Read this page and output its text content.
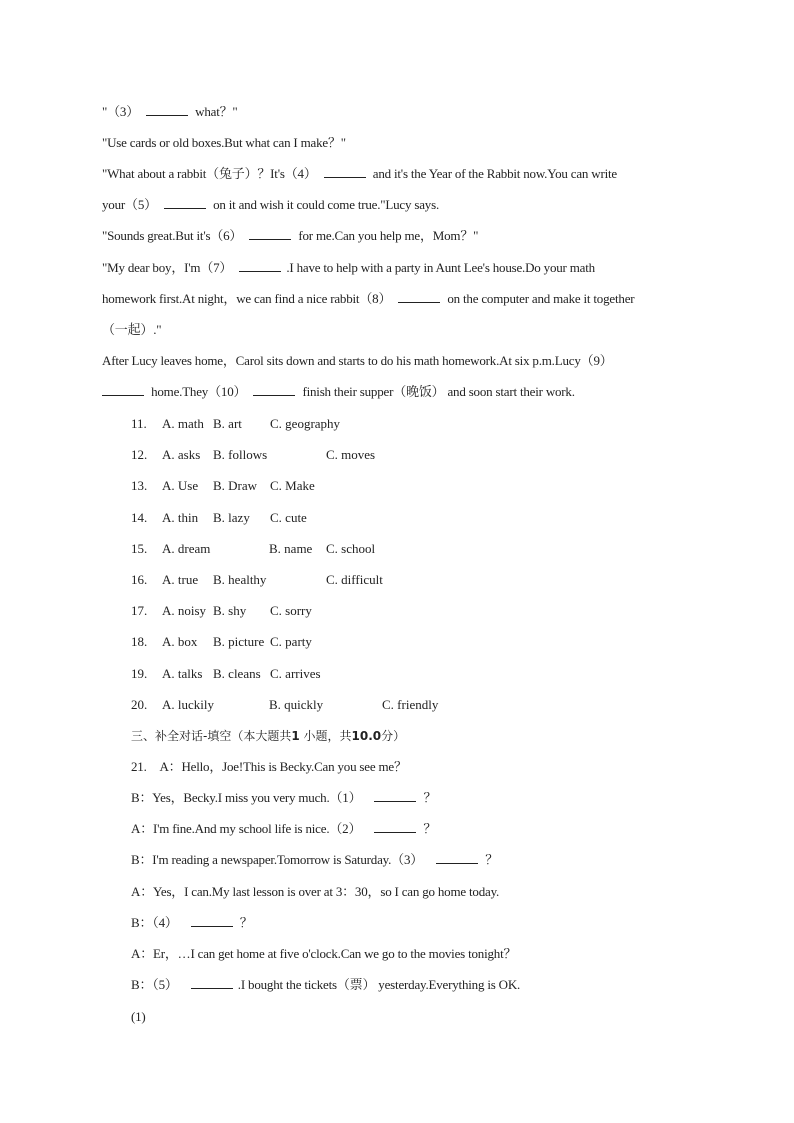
"（3）	what？"
"Use cards or old boxes.But what can I make？"
"What about a rabbit（兔子）？It's（4）	and it's the Year of the Rabbit now.You can write
your（5）	on it and wish it could come true."Lucy says.
"Sounds great.But it's（6）	for me.Can you help me，Mom？"
"My dear boy，I'm（7）	.I have to help with a party in Aunt Lee's house.Do your math
homework first.At night，we can find a nice rabbit（8）	on the computer and make it together
（一起）."
After Lucy leaves home，Carol sits down and starts to do his math homework.At six p.m.Lucy（9）
home.They（10）	finish their supper（晚饭） and soon start their work.
11. A. math B. art C. geography
12. A. asks B. follows	C. moves
13. A. Use B. Draw C. Make
14. A. thin B. lazy C. cute
15. A. dream	B. name C. school
16. A. true B. healthy	C. difficult
17. A. noisy B. shy C. sorry
18. A. box B. picture C. party
19. A. talks B. cleans C. arrives
20. A. luckily	B. quickly	C. friendly
三、补全对话-填空（本大题共1 小题，共10.0分）
21.　A：Hello，Joe!This is Becky.Can you see me？
B：Yes，Becky.I miss you very much.（1）	？
A：I'm fine.And my school life is nice.（2）	？
B：I'm reading a newspaper.Tomorrow is Saturday.（3）	？
A：Yes，I can.My last lesson is over at 3：30，so I can go home today.
B：（4）	？
A：Er，…I can get home at five o'clock.Can we go to the movies tonight？
B：（5）	.I bought the tickets（票） yesterday.Everything is OK.
(1)
